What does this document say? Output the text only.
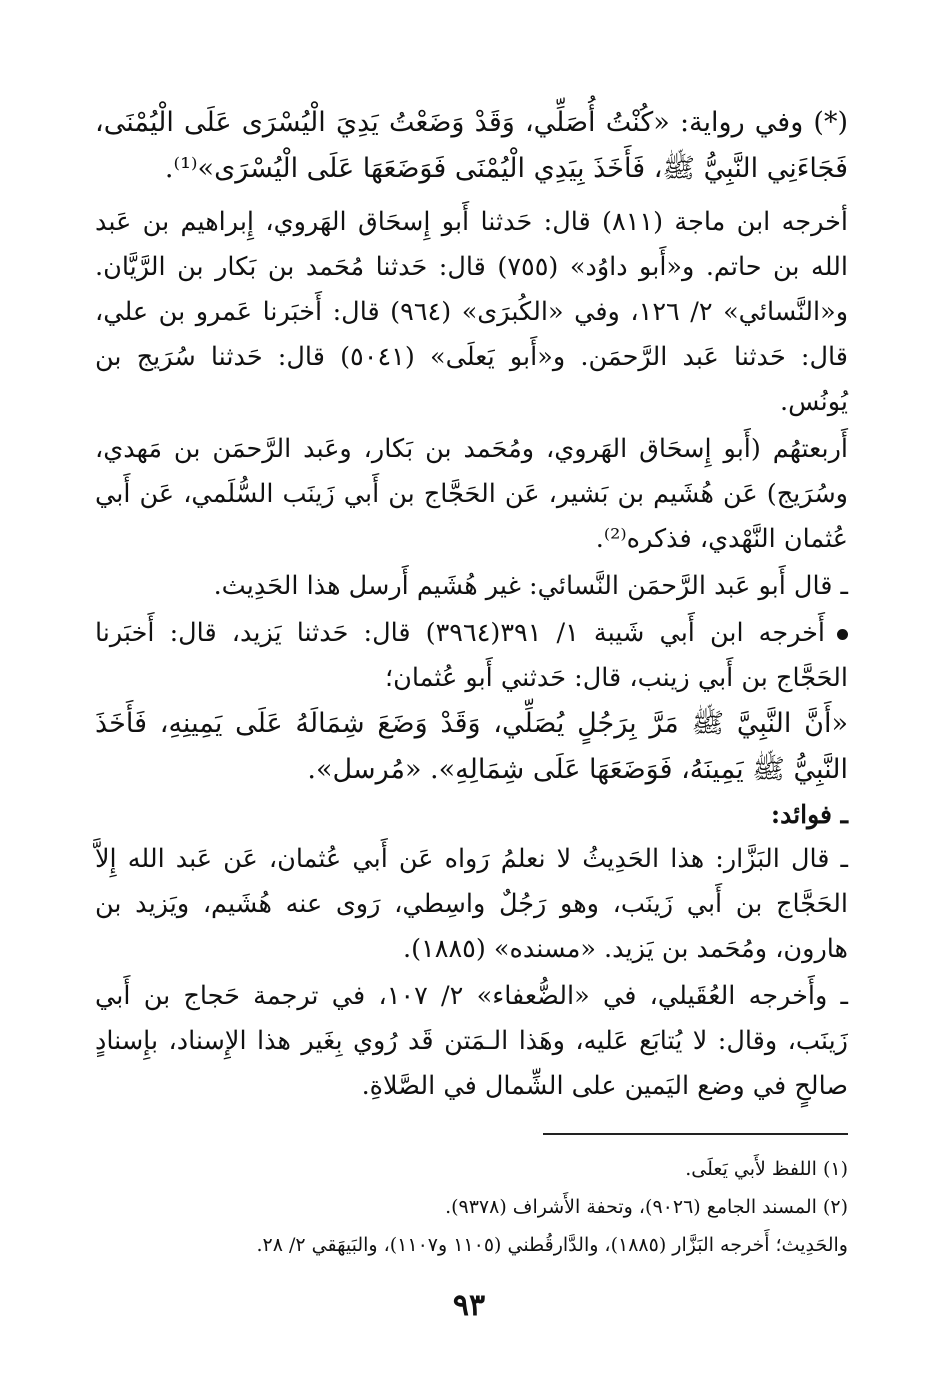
(*) وفي رواية: «كُنْتُ أُصَلِّي، وَقَدْ وَضَعْتُ يَدِيَ الْيُسْرَى عَلَى الْيُمْنَى، فَجَاءَنِي النَّبِيُّ ﷺ، فَأَخَذَ بِيَدِي الْيُمْنَى فَوَضَعَهَا عَلَى الْيُسْرَى»⁽¹⁾.

أخرجه ابن ماجة (٨١١) قال: حَدثنا أَبو إِسحَاق الهَروي، إِبراهيم بن عَبد الله بن حاتم. و«أَبو داوُد» (٧٥٥) قال: حَدثنا مُحَمد بن بَكار بن الرَّيَّان. و«النَّسائي» ٢/ ١٢٦، وفي «الكُبرَى» (٩٦٤) قال: أَخبَرنا عَمرو بن علي، قال: حَدثنا عَبد الرَّحمَن. و«أَبو يَعلَى» (٥٠٤١) قال: حَدثنا سُرَيج بن يُونُس.

أَربعتهُم (أَبو إِسحَاق الهَروي، ومُحَمد بن بَكار، وعَبد الرَّحمَن بن مَهدي، وسُرَيج) عَن هُشَيم بن بَشير، عَن الحَجَّاج بن أَبي زَينَب السُّلَمي، عَن أَبي عُثمان النَّهْدي، فذكره⁽²⁾.

ـ قال أَبو عَبد الرَّحمَن النَّسائي: غير هُشَيم أَرسل هذا الحَدِيث.

أَخرجه ابن أَبي شَيبة ١/ ٣٩١(٣٩٦٤) قال: حَدثنا يَزيد، قال: أَخبَرنا الحَجَّاج بن أَبي زينب، قال: حَدثني أَبو عُثمان؛

«أَنَّ النَّبِيَّ ﷺ مَرَّ بِرَجُلٍ يُصَلِّي، وَقَدْ وَضَعَ شِمَالَهُ عَلَى يَمِينِهِ، فَأَخَذَ النَّبِيُّ ﷺ يَمِينَهُ، فَوَضَعَهَا عَلَى شِمَالِهِ». «مُرسل».

ـ فوائد:

ـ قال البَزَّار: هذا الحَدِيثُ لا نعلمُ رَواه عَن أَبي عُثمان، عَن عَبد الله إِلاَّ الحَجَّاج بن أَبي زَينَب، وهو رَجُلٌ واسِطي، رَوى عنه هُشَيم، ويَزيد بن هارون، ومُحَمد بن يَزيد. «مسنده» (١٨٨٥).

ـ وأَخرجه العُقَيلي، في «الضُّعفاء» ٢/ ١٠٧، في ترجمة حَجاج بن أَبي زَينَب، وقال: لا يُتابَع عَليه، وهَذا الـمَتن قَد رُوي بِغَير هذا الإِسناد، بإِسنادٍ صالحٍ في وضع اليَمين على الشِّمال في الصَّلاةِ.

(١) اللفظ لأَبي يَعلَى.

(٢) المسند الجامع (٩٠٢٦)، وتحفة الأَشراف (٩٣٧٨).

والحَدِيث؛ أَخرجه البَزَّار (١٨٨٥)، والدَّارقُطني (١١٠٥ و١١٠٧)، والبَيهَقي ٢/ ٢٨.

٩٣
